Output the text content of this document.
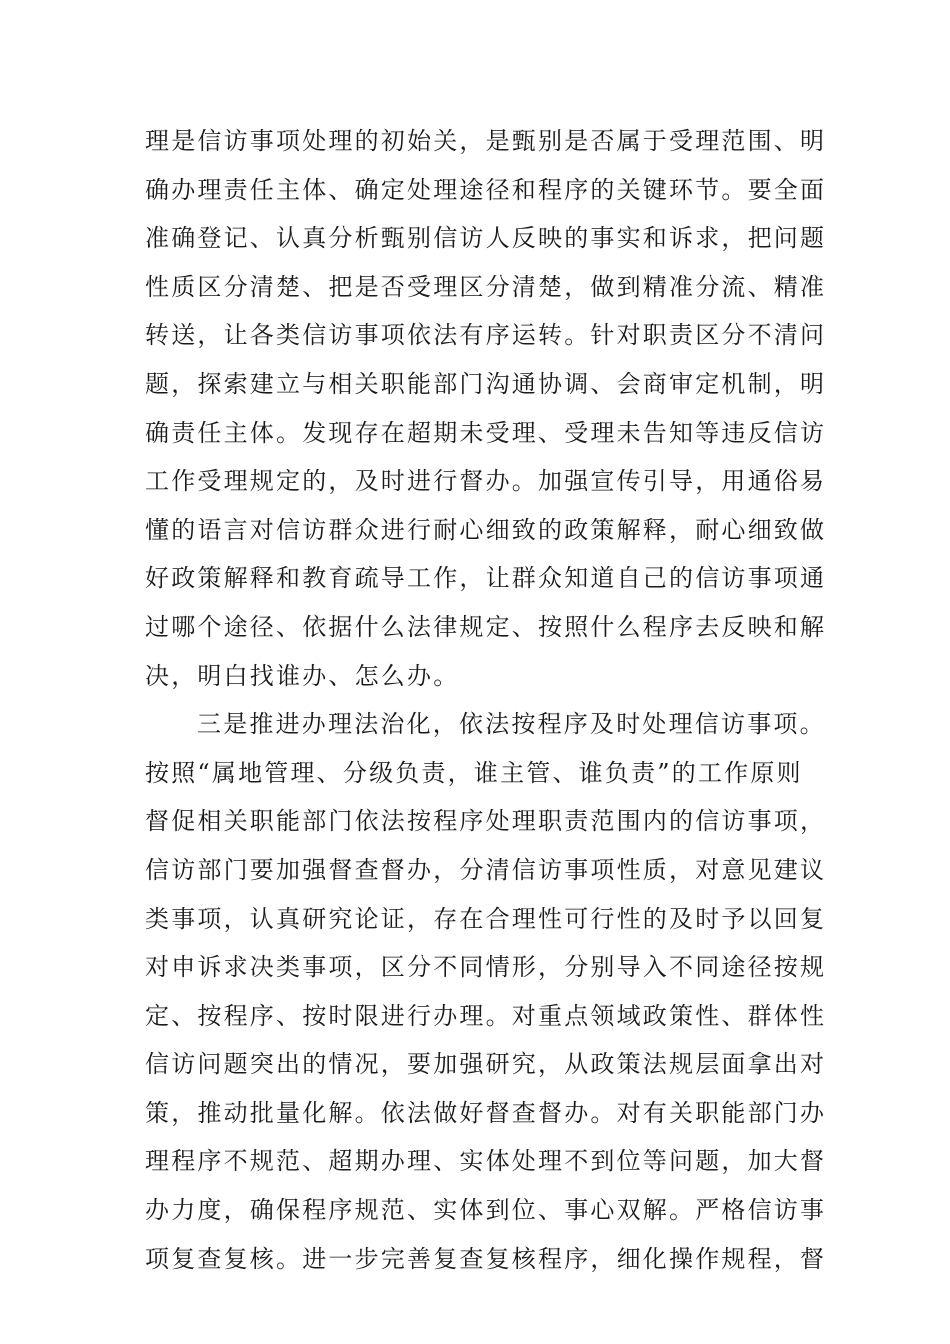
理是信访事项处理的初始关，是甄别是否属于受理范围、明
确办理责任主体、确定处理途径和程序的关键环节。要全面
准确登记、认真分析甄别信访人反映的事实和诉求，把问题
性质区分清楚、把是否受理区分清楚，做到精准分流、精准
转送，让各类信访事项依法有序运转。针对职责区分不清问
题，探索建立与相关职能部门沟通协调、会商审定机制，明
确责任主体。发现存在超期未受理、受理未告知等违反信访
工作受理规定的，及时进行督办。加强宣传引导，用通俗易
懂的语言对信访群众进行耐心细致的政策解释，耐心细致做
好政策解释和教育疏导工作，让群众知道自己的信访事项通
过哪个途径、依据什么法律规定、按照什么程序去反映和解
决，明白找谁办、怎么办。
三是推进办理法治化，依法按程序及时处理信访事项。
按照“属地管理、分级负责，谁主管、谁负责”的工作原则
督促相关职能部门依法按程序处理职责范围内的信访事项，
信访部门要加强督查督办，分清信访事项性质，对意见建议
类事项，认真研究论证，存在合理性可行性的及时予以回复
对申诉求决类事项，区分不同情形，分别导入不同途径按规
定、按程序、按时限进行办理。对重点领域政策性、群体性
信访问题突出的情况，要加强研究，从政策法规层面拿出对
策，推动批量化解。依法做好督查督办。对有关职能部门办
理程序不规范、超期办理、实体处理不到位等问题，加大督
办力度，确保程序规范、实体到位、事心双解。严格信访事
项复查复核。进一步完善复查复核程序，细化操作规程，督
